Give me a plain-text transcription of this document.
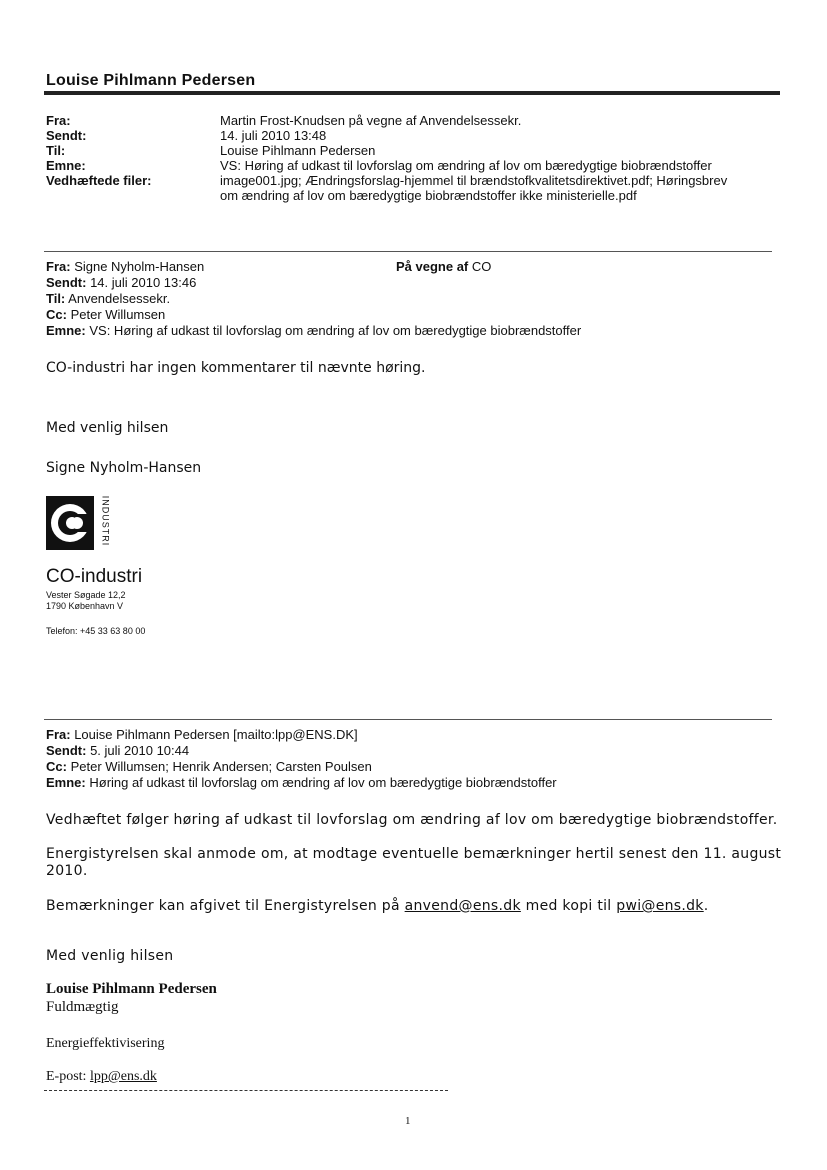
Louise Pihlmann Pedersen
Fra:
Sendt:
Til:
Emne:
Vedhæftede filer:
Martin Frost-Knudsen på vegne af Anvendelsessekr.
14. juli 2010 13:48
Louise Pihlmann Pedersen
VS: Høring af udkast til lovforslag om ændring af lov om bæredygtige biobrændstoffer
image001.jpg; Ændringsforslag-hjemmel til brændstofkvalitetsdirektivet.pdf; Høringsbrev
om ændring af lov om bæredygtige biobrændstoffer ikke ministerielle.pdf
Fra: Signe Nyholm-Hansen	På vegne af CO
Sendt: 14. juli 2010 13:46
Til: Anvendelsessekr.
Cc: Peter Willumsen
Emne: VS: Høring af udkast til lovforslag om ændring af lov om bæredygtige biobrændstoffer
CO-industri har ingen kommentarer til nævnte høring.
Med venlig hilsen
Signe Nyholm-Hansen
INDUSTRI
CO-industri
Vester Søgade 12,2
1790 København V
Telefon: +45 33 63 80 00
Fra: Louise Pihlmann Pedersen [mailto:lpp@ENS.DK]
Sendt: 5. juli 2010 10:44
Cc: Peter Willumsen; Henrik Andersen; Carsten Poulsen
Emne: Høring af udkast til lovforslag om ændring af lov om bæredygtige biobrændstoffer
Vedhæftet følger høring af udkast til lovforslag om ændring af lov om bæredygtige biobrændstoffer.
Energistyrelsen skal anmode om, at modtage eventuelle bemærkninger hertil senest den 11. august
2010.
Bemærkninger kan afgivet til Energistyrelsen på anvend@ens.dk med kopi til pwi@ens.dk.
Med venlig hilsen
Louise Pihlmann Pedersen
Fuldmægtig
Energieffektivisering
E-post: lpp@ens.dk
1
